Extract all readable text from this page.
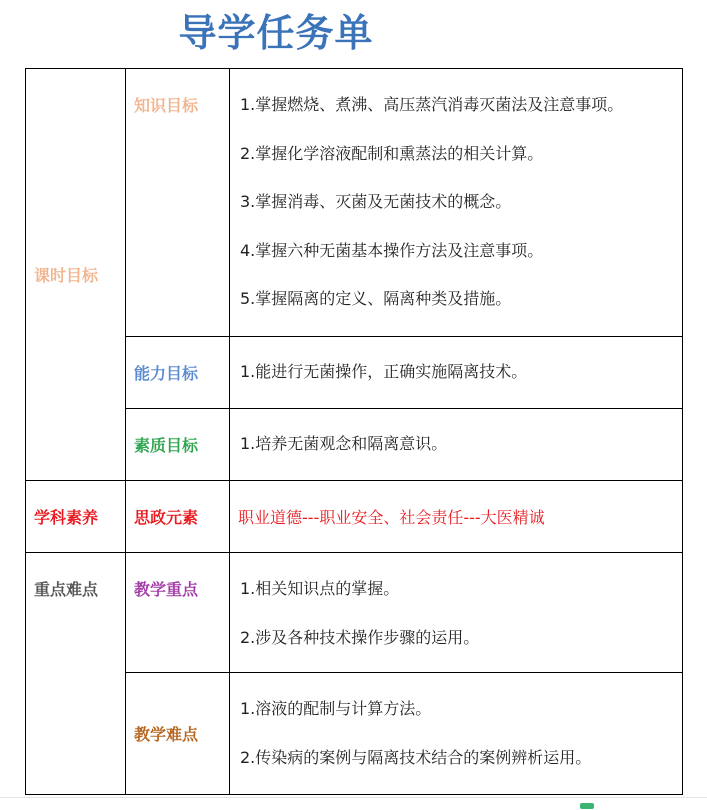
导学任务单
课时目标	知识目标	1.掌握燃烧、煮沸、高压蒸汽消毒灭菌法及注意事项。
2.掌握化学溶液配制和熏蒸法的相关计算。
3.掌握消毒、灭菌及无菌技术的概念。
4.掌握六种无菌基本操作方法及注意事项。
5.掌握隔离的定义、隔离种类及措施。

	能力目标	1.能进行无菌操作，正确实施隔离技术。

	素质目标	1.培养无菌观念和隔离意识。

学科素养	思政元素	职业道德---职业安全、社会责任---大医精诚

重点难点	教学重点	1.相关知识点的掌握。
2.涉及各种技术操作步骤的运用。

	教学难点	1.溶液的配制与计算方法。
2.传染病的案例与隔离技术结合的案例辨析运用。
